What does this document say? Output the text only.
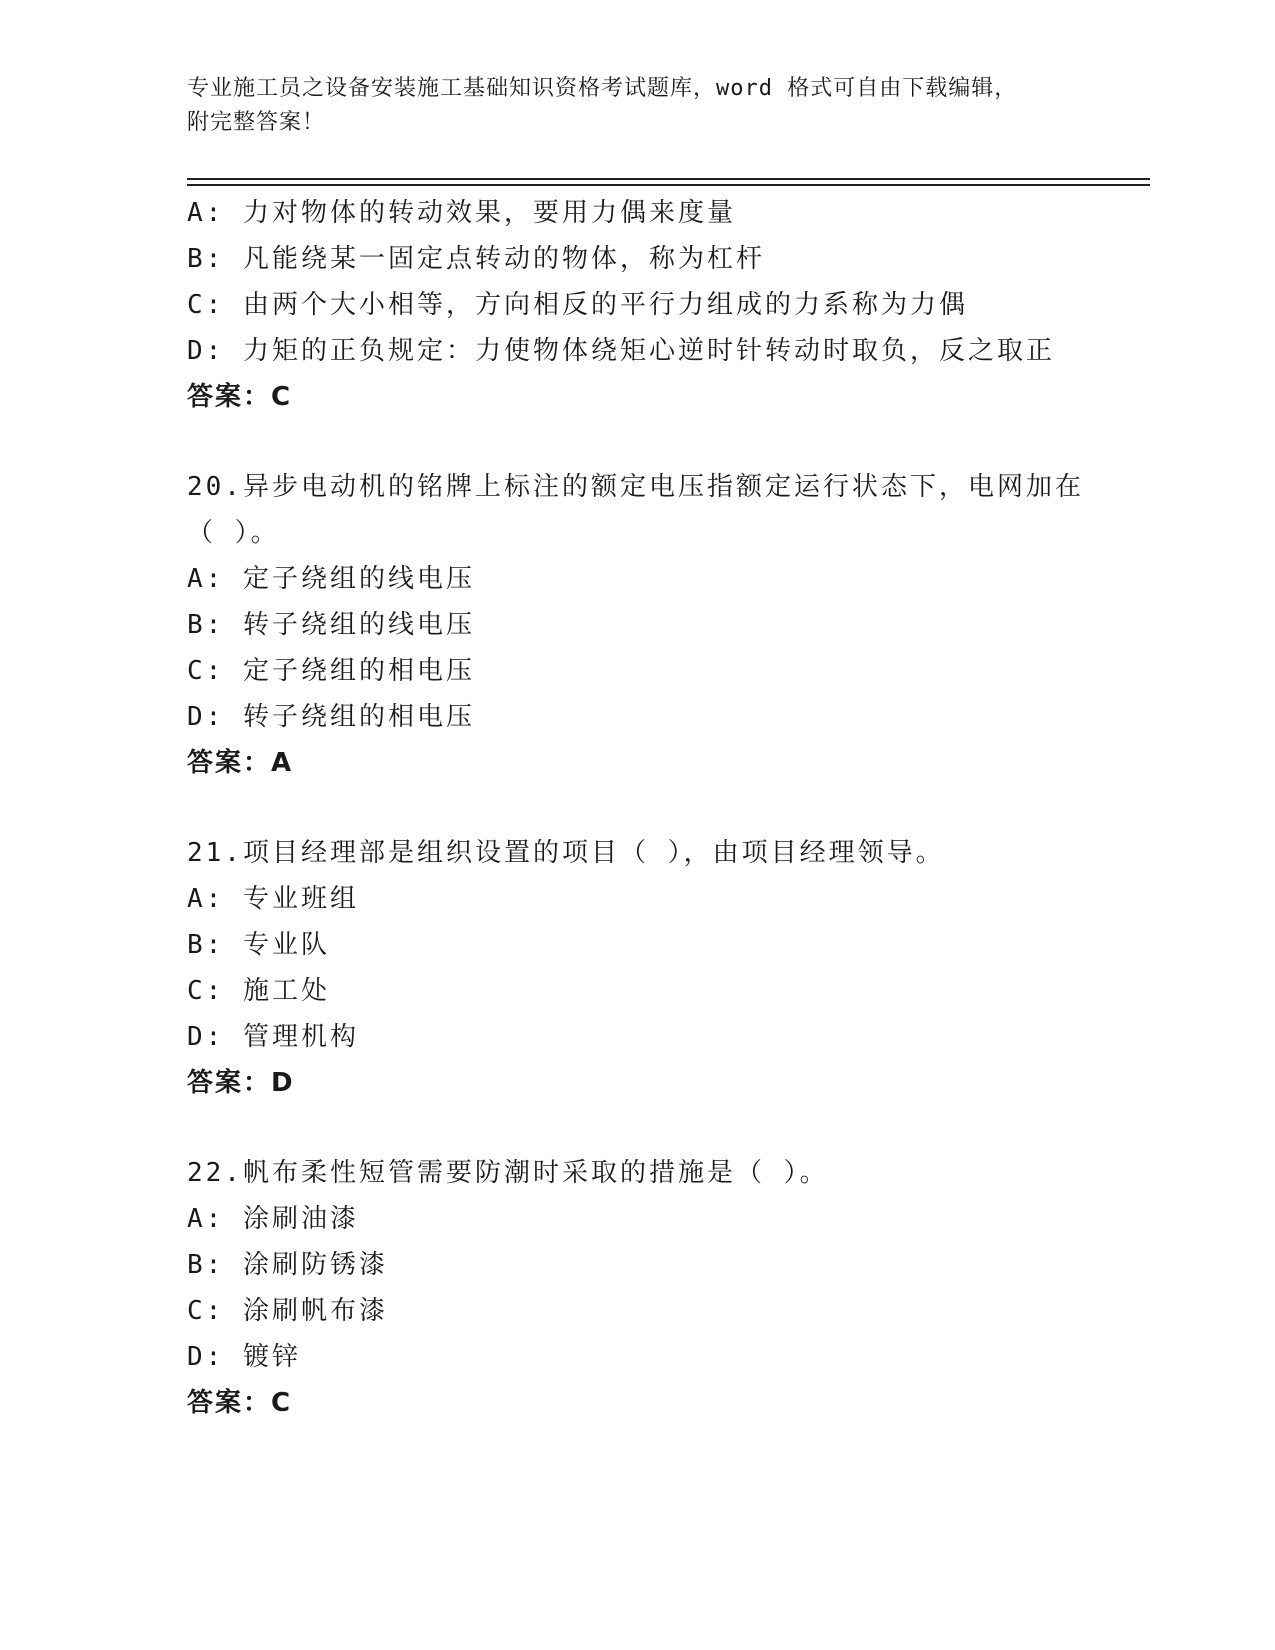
专业施工员之设备安装施工基础知识资格考试题库，word 格式可自由下载编辑，
附完整答案！
A: 力对物体的转动效果，要用力偶来度量
B: 凡能绕某一固定点转动的物体，称为杠杆
C: 由两个大小相等，方向相反的平行力组成的力系称为力偶
D: 力矩的正负规定：力使物体绕矩心逆时针转动时取负，反之取正
答案：C
20.异步电动机的铭牌上标注的额定电压指额定运行状态下，电网加在
（ ）。
A: 定子绕组的线电压
B: 转子绕组的线电压
C: 定子绕组的相电压
D: 转子绕组的相电压
答案：A
21.项目经理部是组织设置的项目（ ），由项目经理领导。
A: 专业班组
B: 专业队
C: 施工处
D: 管理机构
答案：D
22.帆布柔性短管需要防潮时采取的措施是（ ）。
A: 涂刷油漆
B: 涂刷防锈漆
C: 涂刷帆布漆
D: 镀锌
答案：C
